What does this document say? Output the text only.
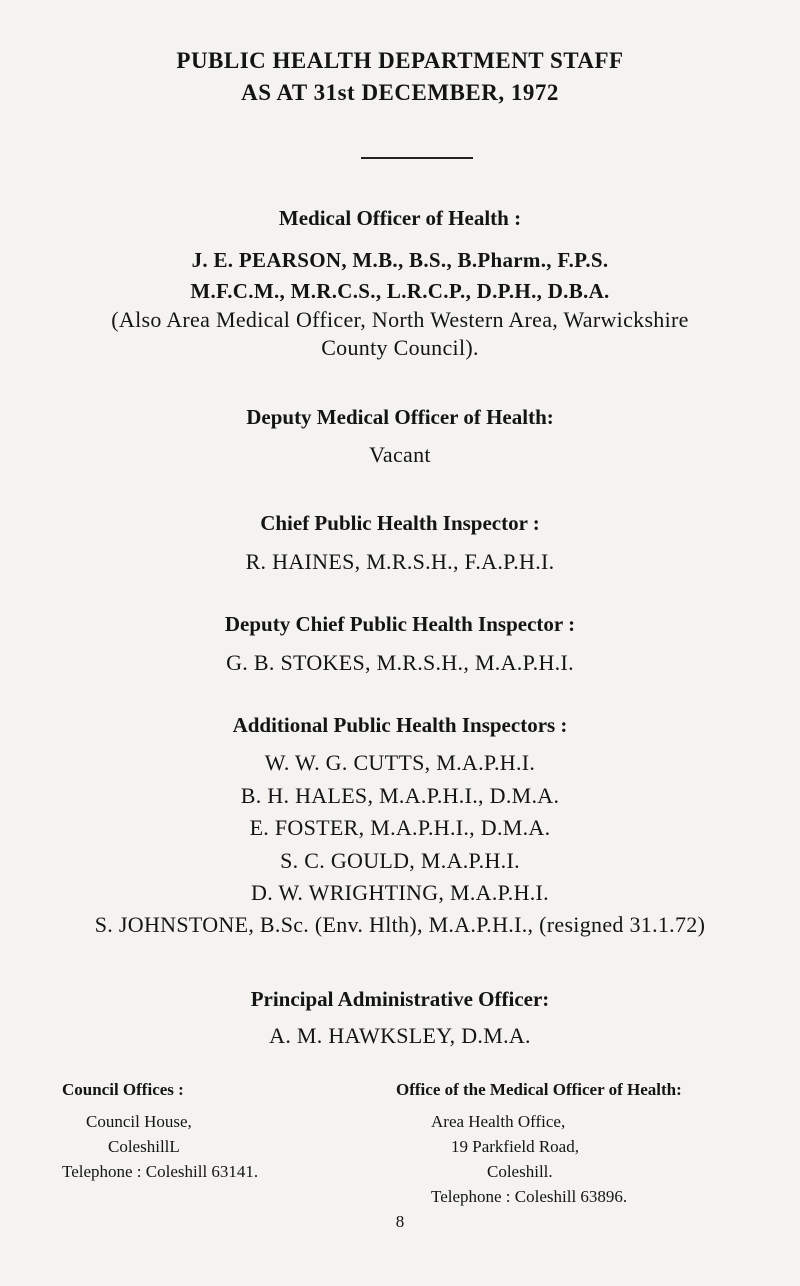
PUBLIC HEALTH DEPARTMENT STAFF
AS AT 31st DECEMBER, 1972
Medical Officer of Health :
J. E. PEARSON, M.B., B.S., B.Pharm., F.P.S.
M.F.C.M., M.R.C.S., L.R.C.P., D.P.H., D.B.A.
(Also Area Medical Officer, North Western Area, Warwickshire
County Council).
Deputy Medical Officer of Health:
Vacant
Chief Public Health Inspector :
R. HAINES, M.R.S.H., F.A.P.H.I.
Deputy Chief Public Health Inspector :
G. B. STOKES, M.R.S.H., M.A.P.H.I.
Additional Public Health Inspectors :
W. W. G. CUTTS, M.A.P.H.I.
B. H. HALES, M.A.P.H.I., D.M.A.
E. FOSTER, M.A.P.H.I., D.M.A.
S. C. GOULD, M.A.P.H.I.
D. W. WRIGHTING, M.A.P.H.I.
S. JOHNSTONE, B.Sc. (Env. Hlth), M.A.P.H.I., (resigned 31.1.72)
Principal Administrative Officer:
A. M. HAWKSLEY, D.M.A.
Council Offices :
Council House,
ColeshillL
Telephone : Coleshill 63141.
Office of the Medical Officer of Health:
Area Health Office,
19 Parkfield Road,
Coleshill.
Telephone : Coleshill 63896.
8
